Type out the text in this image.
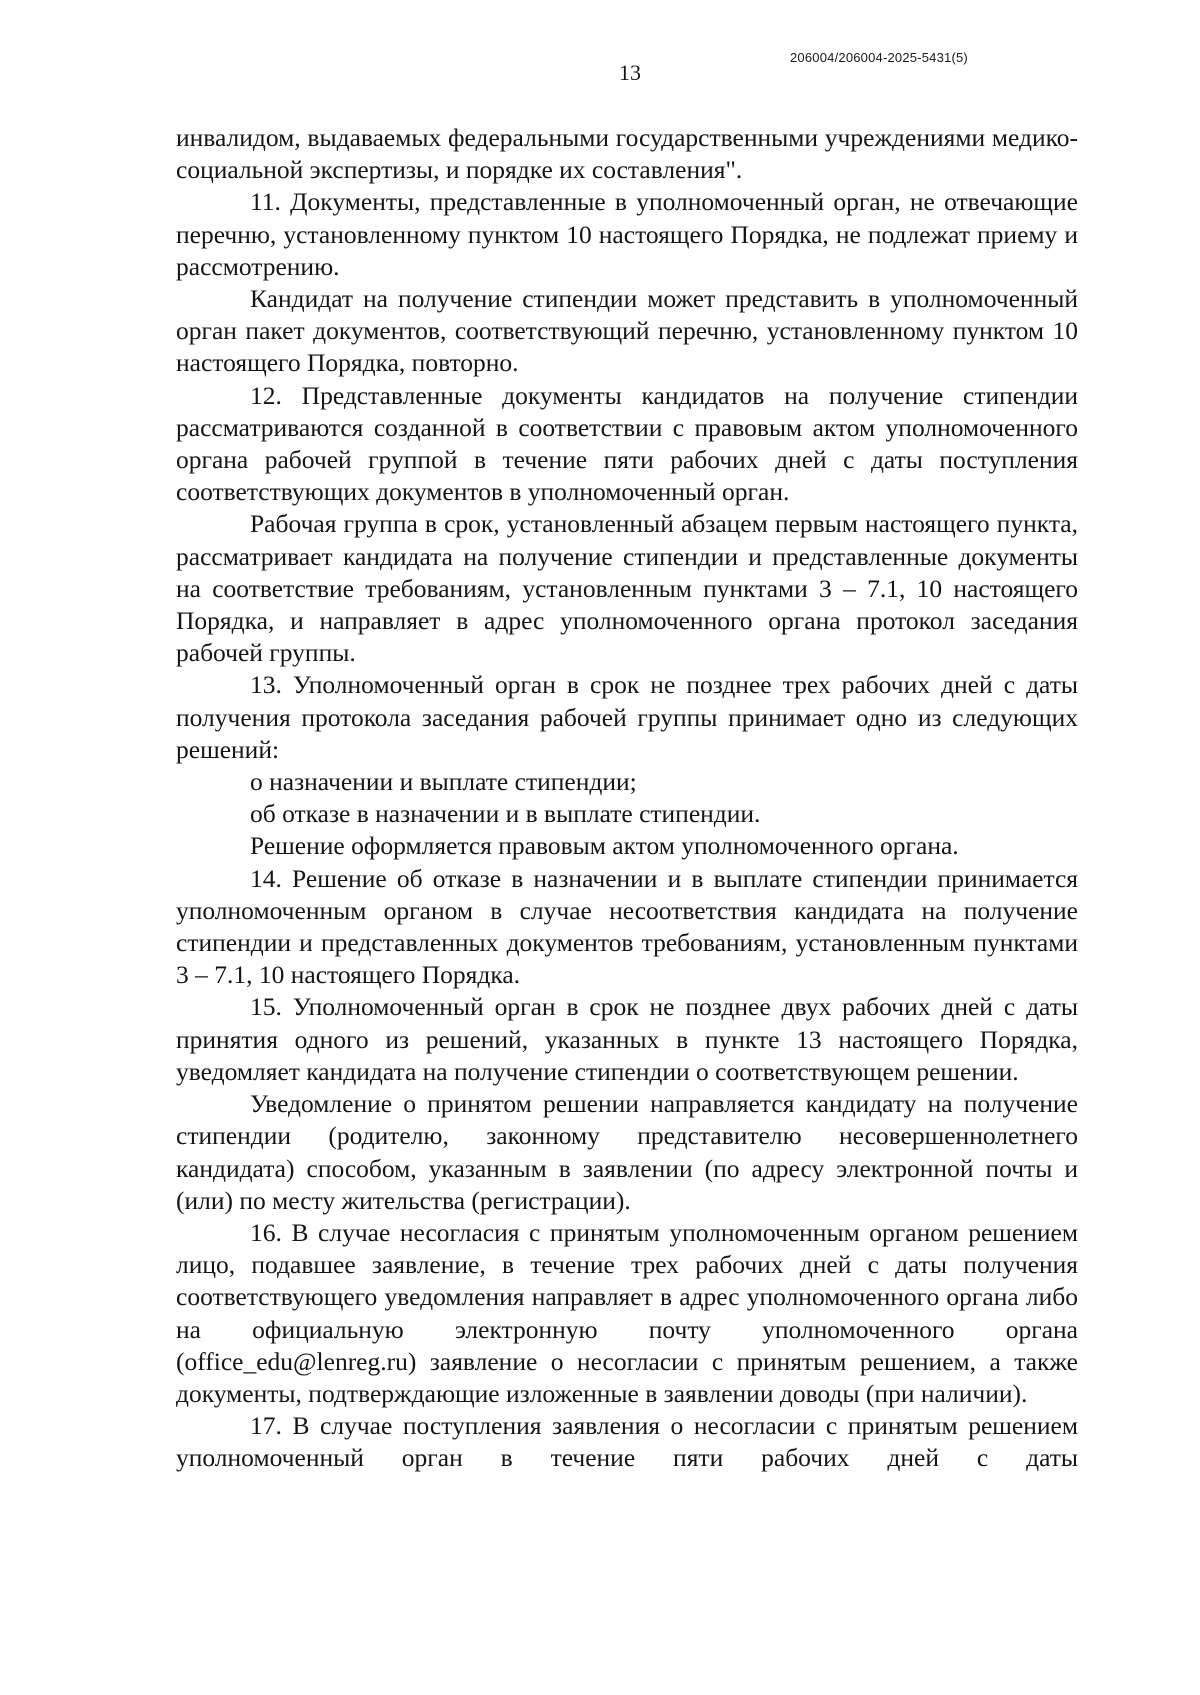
206004/206004-2025-5431(5)
13

инвалидом, выдаваемых федеральными государственными учреждениями медико-социальной экспертизы, и порядке их составления".

11. Документы, представленные в уполномоченный орган, не отвечающие перечню, установленному пунктом 10 настоящего Порядка, не подлежат приему и рассмотрению.

Кандидат на получение стипендии может представить в уполномоченный орган пакет документов, соответствующий перечню, установленному пунктом 10 настоящего Порядка, повторно.

12. Представленные документы кандидатов на получение стипендии рассматриваются созданной в соответствии с правовым актом уполномоченного органа рабочей группой в течение пяти рабочих дней с даты поступления соответствующих документов в уполномоченный орган.

Рабочая группа в срок, установленный абзацем первым настоящего пункта, рассматривает кандидата на получение стипендии и представленные документы на соответствие требованиям, установленным пунктами 3 – 7.1, 10 настоящего Порядка, и направляет в адрес уполномоченного органа протокол заседания рабочей группы.

13. Уполномоченный орган в срок не позднее трех рабочих дней с даты получения протокола заседания рабочей группы принимает одно из следующих решений:

о назначении и выплате стипендии;

об отказе в назначении и в выплате стипендии.

Решение оформляется правовым актом уполномоченного органа.

14. Решение об отказе в назначении и в выплате стипендии принимается уполномоченным органом в случае несоответствия кандидата на получение стипендии и представленных документов требованиям, установленным пунктами 3 – 7.1, 10 настоящего Порядка.

15. Уполномоченный орган в срок не позднее двух рабочих дней с даты принятия одного из решений, указанных в пункте 13 настоящего Порядка, уведомляет кандидата на получение стипендии о соответствующем решении.

Уведомление о принятом решении направляется кандидату на получение стипендии (родителю, законному представителю несовершеннолетнего кандидата) способом, указанным в заявлении (по адресу электронной почты и (или) по месту жительства (регистрации).

16. В случае несогласия с принятым уполномоченным органом решением лицо, подавшее заявление, в течение трех рабочих дней с даты получения соответствующего уведомления направляет в адрес уполномоченного органа либо на официальную электронную почту уполномоченного органа (office_edu@lenreg.ru) заявление о несогласии с принятым решением, а также документы, подтверждающие изложенные в заявлении доводы (при наличии).

17. В случае поступления заявления о несогласии с принятым решением уполномоченный орган в течение пяти рабочих дней с даты
